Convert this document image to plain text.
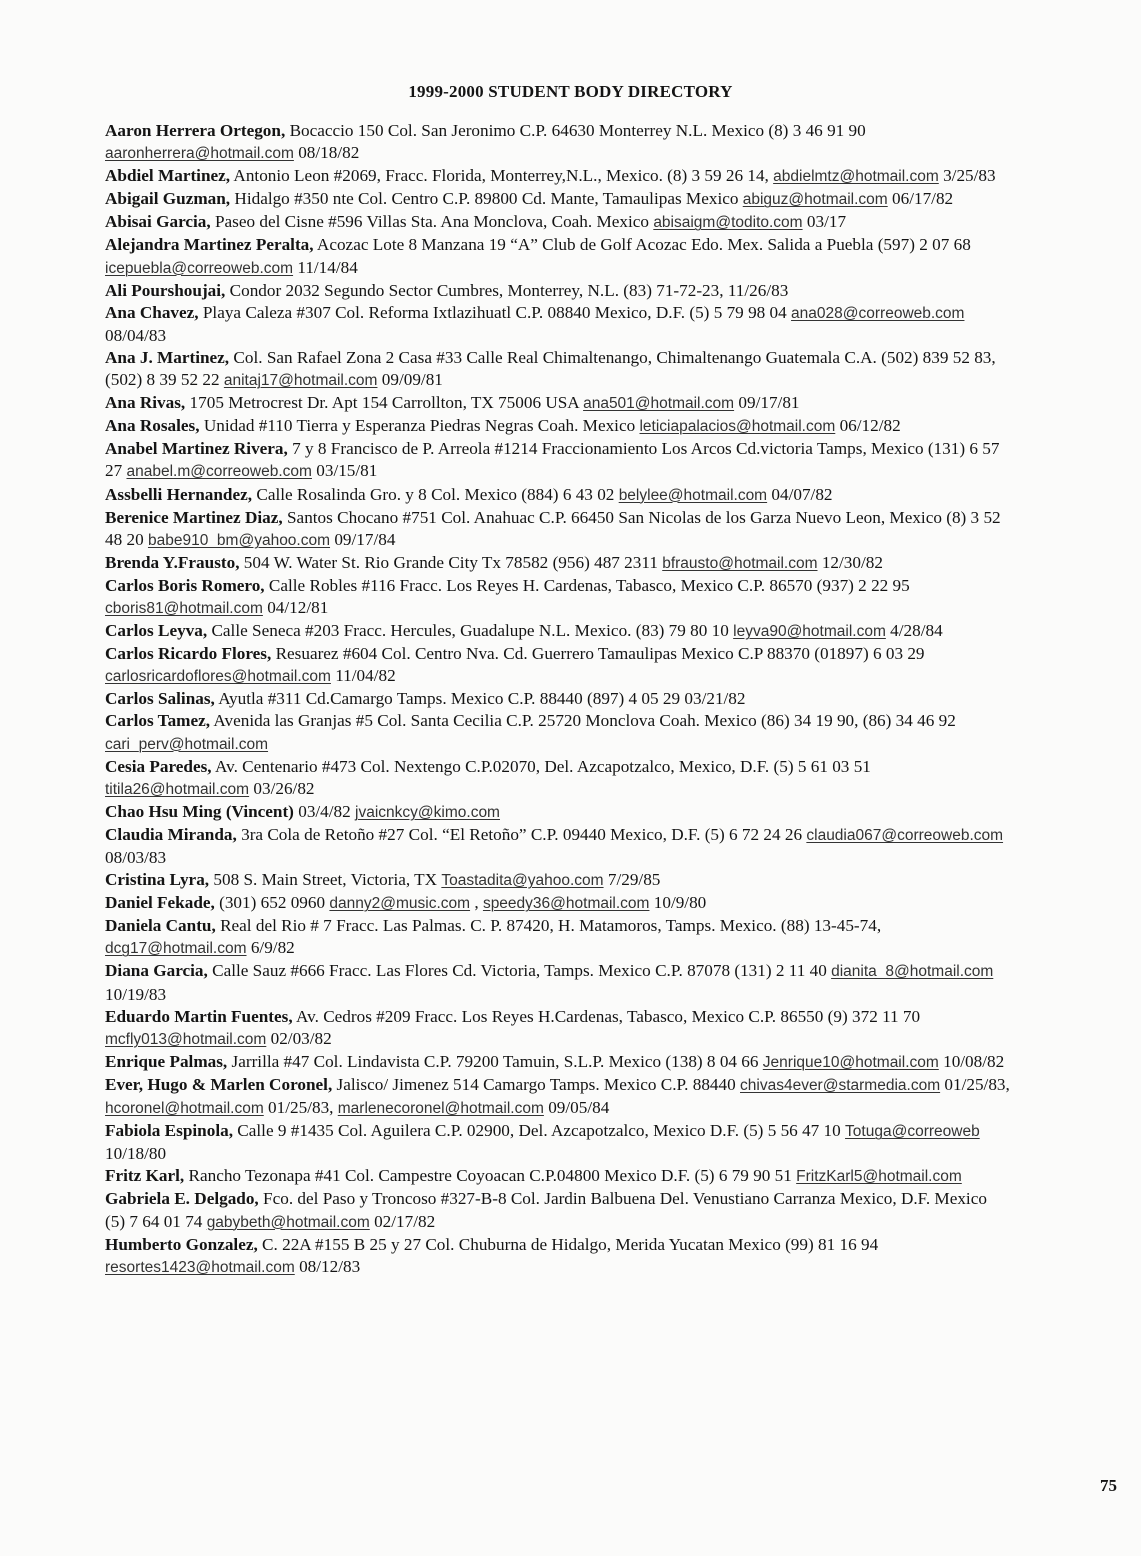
1999-2000 STUDENT BODY DIRECTORY
Aaron Herrera Ortegon, Bocaccio 150 Col. San Jeronimo C.P. 64630 Monterrey N.L. Mexico (8) 3 46 91 90 aaronherrera@hotmail.com 08/18/82
Abdiel Martinez, Antonio Leon #2069, Fracc. Florida, Monterrey,N.L., Mexico. (8) 3 59 26 14, abdielmtz@hotmail.com 3/25/83
Abigail Guzman, Hidalgo #350 nte Col. Centro C.P. 89800 Cd. Mante, Tamaulipas Mexico abiguz@hotmail.com 06/17/82
Abisai Garcia, Paseo del Cisne #596 Villas Sta. Ana Monclova, Coah. Mexico abisaigm@todito.com 03/17
Alejandra Martinez Peralta, Acozac Lote 8 Manzana 19 “A” Club de Golf Acozac Edo. Mex. Salida a Puebla (597) 2 07 68 icepuebla@correoweb.com 11/14/84
Ali Pourshoujai, Condor 2032 Segundo Sector Cumbres, Monterrey, N.L. (83) 71-72-23, 11/26/83
Ana Chavez, Playa Caleza #307 Col. Reforma Ixtlazihuatl C.P. 08840 Mexico, D.F. (5) 5 79 98 04 ana028@correoweb.com 08/04/83
Ana J. Martinez, Col. San Rafael Zona 2 Casa #33 Calle Real Chimaltenango, Chimaltenango Guatemala C.A. (502) 839 52 83, (502) 8 39 52 22 anitaj17@hotmail.com 09/09/81
Ana Rivas, 1705 Metrocrest Dr. Apt 154 Carrollton, TX 75006 USA ana501@hotmail.com 09/17/81
Ana Rosales, Unidad #110 Tierra y Esperanza Piedras Negras Coah. Mexico leticiapalacios@hotmail.com 06/12/82
Anabel Martinez Rivera, 7 y 8 Francisco de P. Arreola #1214 Fraccionamiento Los Arcos Cd.victoria Tamps, Mexico (131) 6 57 27 anabel.m@correoweb.com 03/15/81
Assbelli Hernandez, Calle Rosalinda Gro. y 8 Col. Mexico (884) 6 43 02 belylee@hotmail.com 04/07/82
Berenice Martinez Diaz, Santos Chocano #751 Col. Anahuac C.P. 66450 San Nicolas de los Garza Nuevo Leon, Mexico (8) 3 52 48 20 babe910_bm@yahoo.com 09/17/84
Brenda Y.Frausto, 504 W. Water St. Rio Grande City Tx 78582 (956) 487 2311 bfrausto@hotmail.com 12/30/82
Carlos Boris Romero, Calle Robles #116 Fracc. Los Reyes H. Cardenas, Tabasco, Mexico C.P. 86570 (937) 2 22 95 cboris81@hotmail.com 04/12/81
Carlos Leyva, Calle Seneca #203 Fracc. Hercules, Guadalupe N.L. Mexico. (83) 79 80 10 leyva90@hotmail.com 4/28/84
Carlos Ricardo Flores, Resuarez #604 Col. Centro Nva. Cd. Guerrero Tamaulipas Mexico C.P 88370 (01897) 6 03 29 carlosricardoflores@hotmail.com 11/04/82
Carlos Salinas, Ayutla #311 Cd.Camargo Tamps. Mexico C.P. 88440 (897) 4 05 29 03/21/82
Carlos Tamez, Avenida las Granjas #5 Col. Santa Cecilia C.P. 25720 Monclova Coah. Mexico (86) 34 19 90, (86) 34 46 92 cari_perv@hotmail.com
Cesia Paredes, Av. Centenario #473 Col. Nextengo C.P.02070, Del. Azcapotzalco, Mexico, D.F. (5) 5 61 03 51 titila26@hotmail.com 03/26/82
Chao Hsu Ming (Vincent) 03/4/82 jvaicnkcy@kimo.com
Claudia Miranda, 3ra Cola de Retoño #27 Col. “El Retoño” C.P. 09440 Mexico, D.F. (5) 6 72 24 26 claudia067@correoweb.com 08/03/83
Cristina Lyra, 508 S. Main Street, Victoria, TX Toastadita@yahoo.com 7/29/85
Daniel Fekade, (301) 652 0960 danny2@music.com , speedy36@hotmail.com 10/9/80
Daniela Cantu, Real del Rio # 7 Fracc. Las Palmas. C. P. 87420, H. Matamoros, Tamps. Mexico. (88) 13-45-74, dcg17@hotmail.com 6/9/82
Diana Garcia, Calle Sauz #666 Fracc. Las Flores Cd. Victoria, Tamps. Mexico C.P. 87078 (131) 2 11 40 dianita_8@hotmail.com 10/19/83
Eduardo Martin Fuentes, Av. Cedros #209 Fracc. Los Reyes H.Cardenas, Tabasco, Mexico C.P. 86550 (9) 372 11 70 mcfly013@hotmail.com 02/03/82
Enrique Palmas, Jarrilla #47 Col. Lindavista C.P. 79200 Tamuin, S.L.P. Mexico (138) 8 04 66 Jenrique10@hotmail.com 10/08/82
Ever, Hugo & Marlen Coronel, Jalisco/ Jimenez 514 Camargo Tamps. Mexico C.P. 88440 chivas4ever@starmedia.com 01/25/83, hcoronel@hotmail.com 01/25/83, marlenecoronel@hotmail.com 09/05/84
Fabiola Espinola, Calle 9 #1435 Col. Aguilera C.P. 02900, Del. Azcapotzalco, Mexico D.F. (5) 5 56 47 10 Totuga@correoweb 10/18/80
Fritz Karl, Rancho Tezonapa #41 Col. Campestre Coyoacan C.P.04800 Mexico D.F. (5) 6 79 90 51 FritzKarl5@hotmail.com
Gabriela E. Delgado, Fco. del Paso y Troncoso #327-B-8 Col. Jardin Balbuena Del. Venustiano Carranza Mexico, D.F. Mexico (5) 7 64 01 74 gabybeth@hotmail.com 02/17/82
Humberto Gonzalez, C. 22A #155 B 25 y 27 Col. Chuburna de Hidalgo, Merida Yucatan Mexico (99) 81 16 94 resortes1423@hotmail.com 08/12/83
75
